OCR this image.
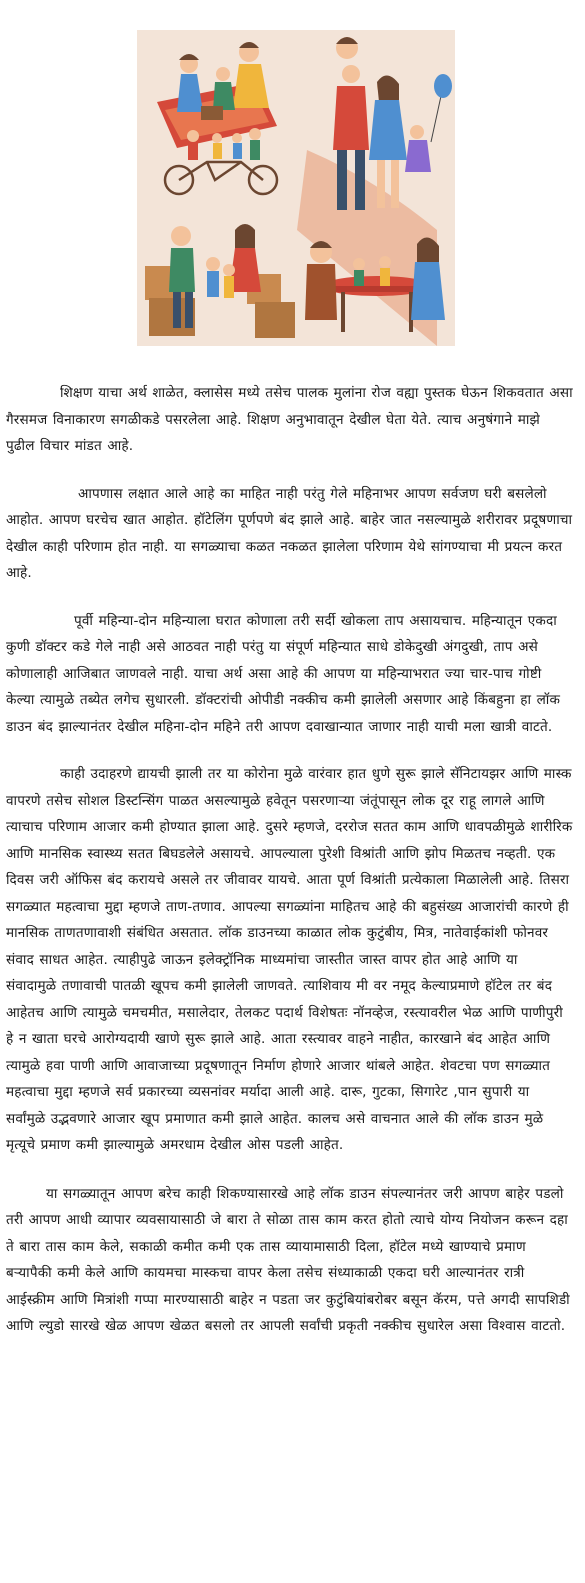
शिक्षण याचा अर्थ शाळेत, क्लासेस मध्ये तसेच पालक मुलांना रोज वह्या पुस्तक घेऊन शिकवतात असा गैरसमज विनाकारण सगळीकडे पसरलेला आहे. शिक्षण अनुभावातून देखील घेता येते. त्याच अनुषंगाने माझे पुढील विचार मांडत आहे.

आपणास लक्षात आले आहे का माहित नाही परंतु गेले महिनाभर आपण सर्वजण घरी बसलेलो आहोत. आपण घरचेच खात आहोत. हॉटेलिंग पूर्णपणे बंद झाले आहे. बाहेर जात नसल्यामुळे शरीरावर प्रदूषणाचा देखील काही परिणाम होत नाही. या सगळ्याचा कळत नकळत झालेला परिणाम येथे सांगण्याचा मी प्रयत्न करत आहे.

पूर्वी महिन्या-दोन महिन्याला घरात कोणाला तरी सर्दी खोकला ताप असायचाच. महिन्यातून एकदा कुणी डॉक्टर कडे गेले नाही असे आठवत नाही परंतु या संपूर्ण महिन्यात साधे डोकेदुखी अंगदुखी, ताप असे कोणालाही आजिबात जाणवले नाही. याचा अर्थ असा आहे की आपण या महिन्याभरात ज्या चार-पाच गोष्टी केल्या त्यामुळे तब्येत लगेच सुधारली. डॉक्टरांची ओपीडी नक्कीच कमी झालेली असणार आहे किंबहुना हा लॉक डाउन बंद झाल्यानंतर देखील महिना-दोन महिने तरी आपण दवाखान्यात जाणार नाही याची मला खात्री वाटते.

काही उदाहरणे द्यायची झाली तर या कोरोना मुळे वारंवार हात धुणे सुरू झाले सॅनिटायझर आणि मास्क वापरणे तसेच सोशल डिस्टन्सिंग पाळत असल्यामुळे हवेतून पसरणाऱ्या जंतूंपासून लोक दूर राहू लागले आणि त्याचाच परिणाम आजार कमी होण्यात झाला आहे. दुसरे म्हणजे, दररोज सतत काम आणि धावपळीमुळे शारीरिक आणि मानसिक स्वास्थ्य सतत बिघडलेले असायचे. आपल्याला पुरेशी विश्रांती आणि झोप मिळतच नव्हती. एक दिवस जरी ऑफिस बंद करायचे असले तर जीवावर यायचे. आता पूर्ण विश्रांती प्रत्येकाला मिळालेली आहे. तिसरा सगळ्यात महत्वाचा मुद्दा म्हणजे ताण-तणाव. आपल्या सगळ्यांना माहितच आहे की बहुसंख्य आजारांची कारणे ही मानसिक ताणतणावाशी संबंधित असतात. लॉक डाउनच्या काळात लोक कुटुंबीय, मित्र, नातेवाईकांशी फोनवर संवाद साधत आहेत. त्याहीपुढे जाऊन इलेक्ट्रॉनिक माध्यमांचा जास्तीत जास्त वापर होत आहे आणि या संवादामुळे तणावाची पातळी खूपच कमी झालेली जाणवते. त्याशिवाय मी वर नमूद केल्याप्रमाणे हॉटेल तर बंद आहेतच आणि त्यामुळे चमचमीत, मसालेदार, तेलकट पदार्थ विशेषतः नॉनव्हेज, रस्त्यावरील भेळ आणि पाणीपुरी हे न खाता घरचे आरोग्यदायी खाणे सुरू झाले आहे. आता रस्त्यावर वाहने नाहीत, कारखाने बंद आहेत आणि त्यामुळे हवा पाणी आणि आवाजाच्या प्रदूषणातून निर्माण होणारे आजार थांबले आहेत. शेवटचा पण सगळ्यात महत्वाचा मुद्दा म्हणजे सर्व प्रकारच्या व्यसनांवर मर्यादा आली आहे. दारू, गुटका, सिगारेट ,पान सुपारी या सर्वांमुळे उद्भवणारे आजार खूप प्रमाणात कमी झाले आहेत. कालच असे वाचनात आले की लॉक डाउन मुळे मृत्यूचे प्रमाण कमी झाल्यामुळे अमरधाम देखील ओस पडली आहेत.

या सगळ्यातून आपण बरेच काही शिकण्यासारखे आहे लॉक डाउन संपल्यानंतर जरी आपण बाहेर पडलो तरी आपण आधी व्यापार व्यवसायासाठी जे बारा ते सोळा तास काम करत होतो त्याचे योग्य नियोजन करून दहा ते बारा तास काम केले, सकाळी कमीत कमी एक तास व्यायामासाठी दिला, हॉटेल मध्ये खाण्याचे प्रमाण बऱ्यापैकी कमी केले आणि कायमचा मास्कचा वापर केला तसेच संध्याकाळी एकदा घरी आल्यानंतर रात्री आईस्क्रीम आणि मित्रांशी गप्पा मारण्यासाठी बाहेर न पडता जर कुटुंबियांबरोबर बसून कॅरम, पत्ते अगदी सापशिडी आणि ल्युडो सारखे खेळ आपण खेळत बसलो तर आपली सर्वांची प्रकृती नक्कीच सुधारेल असा विश्वास वाटतो.
